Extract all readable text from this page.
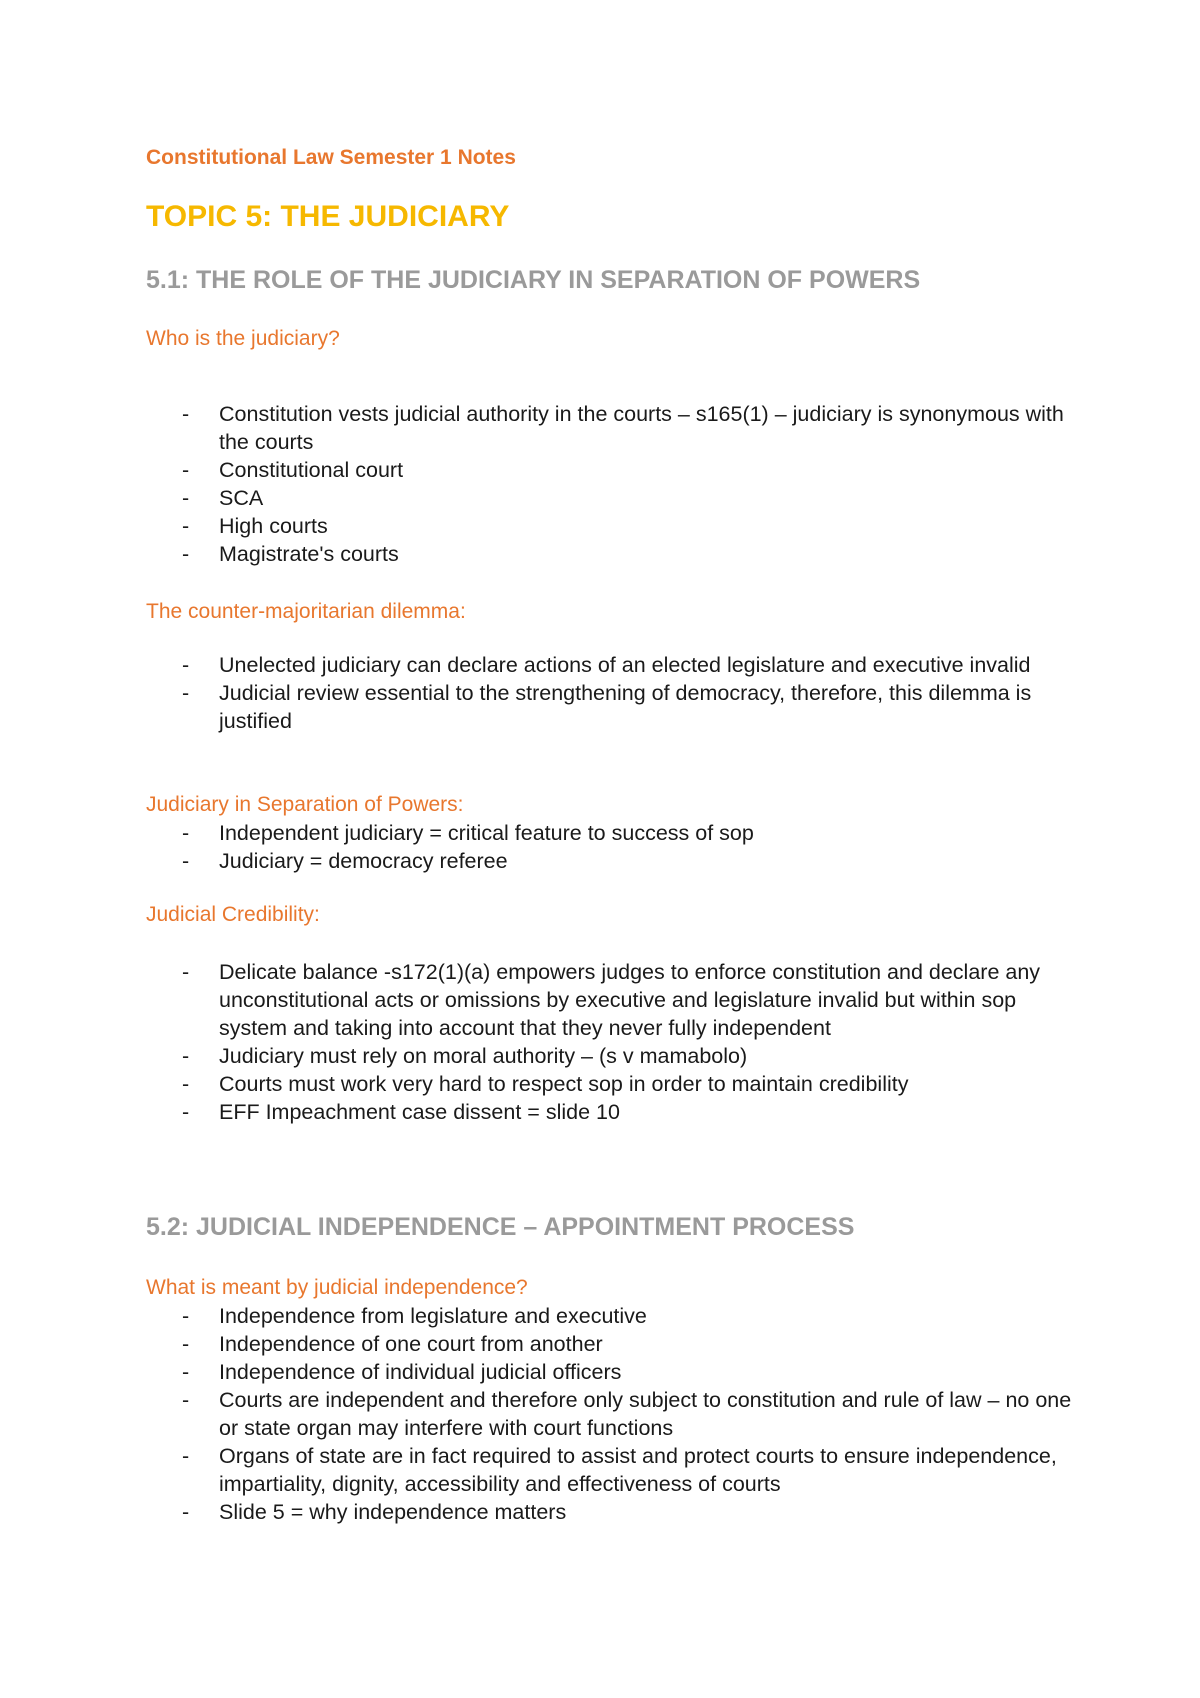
Constitutional Law Semester 1 Notes
TOPIC 5: THE JUDICIARY
5.1: THE ROLE OF THE JUDICIARY IN SEPARATION OF POWERS
Who is the judiciary?
- Constitution vests judicial authority in the courts – s165(1) – judiciary is synonymous with the courts
- Constitutional court
- SCA
- High courts
- Magistrate's courts
The counter-majoritarian dilemma:
- Unelected judiciary can declare actions of an elected legislature and executive invalid
- Judicial review essential to the strengthening of democracy, therefore, this dilemma is justified
Judiciary in Separation of Powers:
- Independent judiciary = critical feature to success of sop
- Judiciary = democracy referee
Judicial Credibility:
- Delicate balance -s172(1)(a) empowers judges to enforce constitution and declare any unconstitutional acts or omissions by executive and legislature invalid but within sop system and taking into account that they never fully independent
- Judiciary must rely on moral authority – (s v mamabolo)
- Courts must work very hard to respect sop in order to maintain credibility
- EFF Impeachment case dissent = slide 10
5.2: JUDICIAL INDEPENDENCE – APPOINTMENT PROCESS
What is meant by judicial independence?
- Independence from legislature and executive
- Independence of one court from another
- Independence of individual judicial officers
- Courts are independent and therefore only subject to constitution and rule of law – no one or state organ may interfere with court functions
- Organs of state are in fact required to assist and protect courts to ensure independence, impartiality, dignity, accessibility and effectiveness of courts
- Slide 5 = why independence matters
